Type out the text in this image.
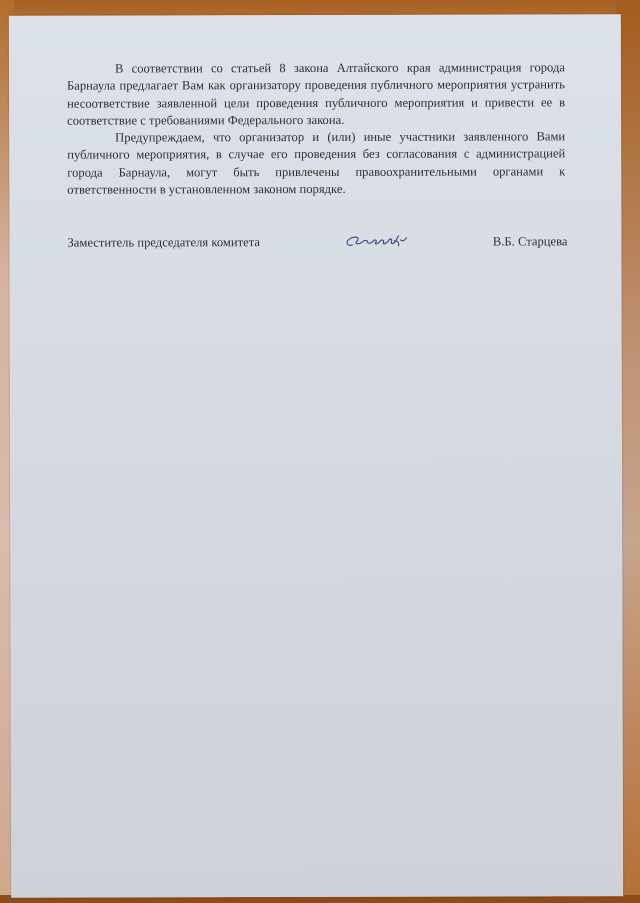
В соответствии со статьей 8 закона Алтайского края администрация города Барнаула предлагает Вам как организатору проведения публичного мероприятия устранить несоответствие заявленной цели проведения публичного мероприятия и привести ее в соответствие с требованиями Федерального закона.

Предупреждаем, что организатор и (или) иные участники заявленного Вами публичного мероприятия, в случае его проведения без согласования с администрацией города Барнаула, могут быть привлечены правоохранительными органами к ответственности в установленном законом порядке.

Заместитель председателя комитета	В.Б. Старцева
